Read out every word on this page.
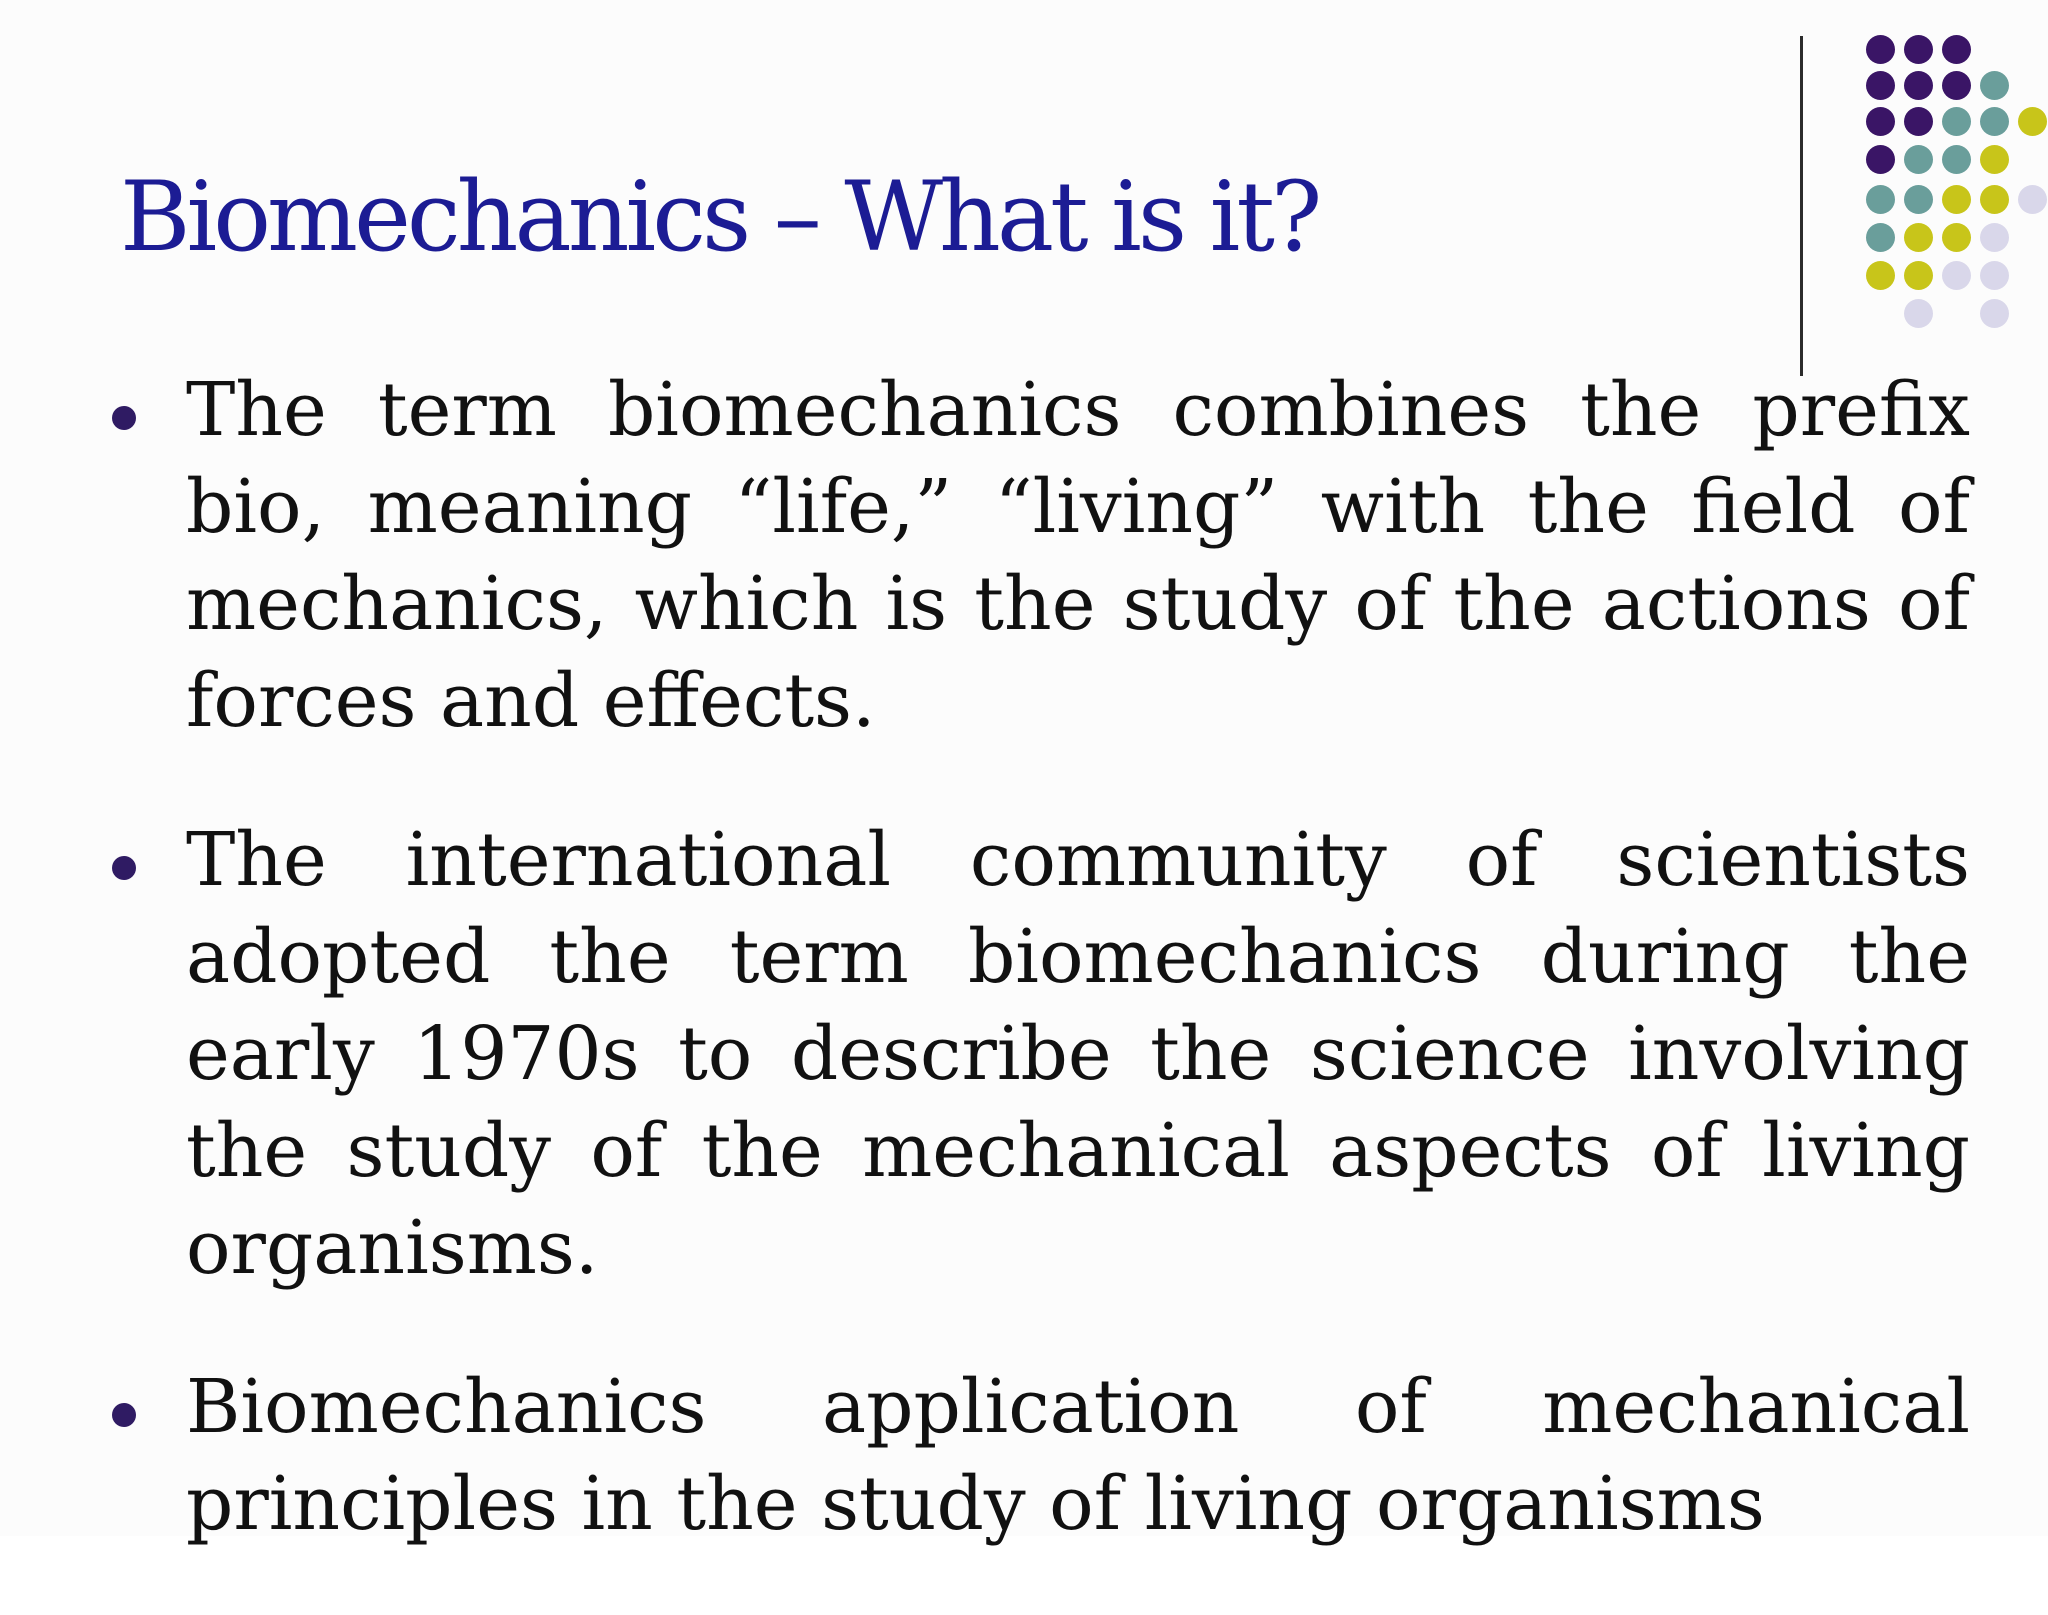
Biomechanics – What is it?
The term biomechanics combines the prefix bio, meaning “life,” “living” with the field of mechanics, which is the study of the actions of forces and effects.
The international community of scientists adopted the term biomechanics during the early 1970s to describe the science involving the study of the mechanical aspects of living organisms.
Biomechanics application of mechanical principles in the study of living organisms
